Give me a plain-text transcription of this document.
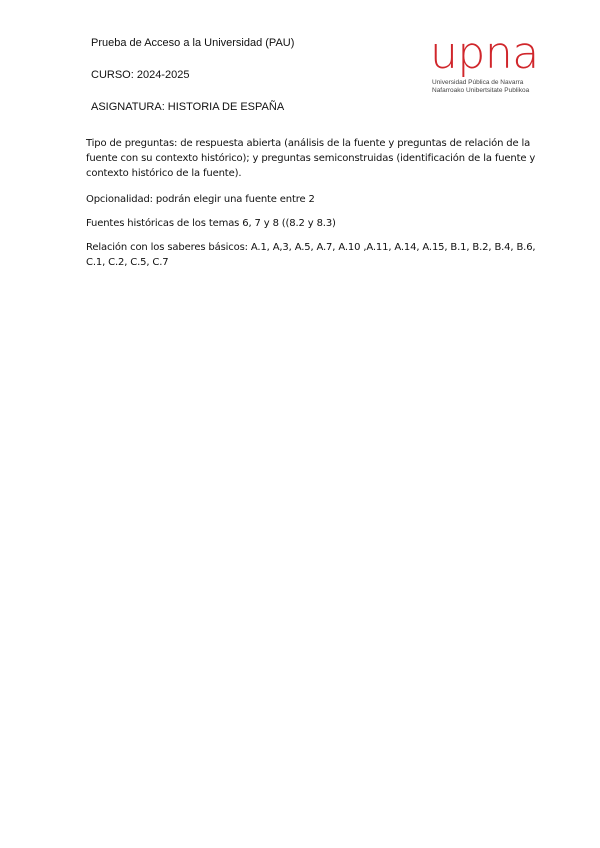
Prueba de Acceso a la Universidad (PAU)
CURSO: 2024-2025
ASIGNATURA: HISTORIA DE ESPAÑA
upna
Universidad Pública de Navarra
Nafarroako Unibertsitate Publikoa
Tipo de preguntas: de respuesta abierta (análisis de la fuente y preguntas de relación de la fuente con su contexto histórico); y preguntas semiconstruidas (identificación de la fuente y contexto histórico de la fuente).
Opcionalidad: podrán elegir una fuente entre 2
Fuentes históricas de los temas 6, 7 y 8 ((8.2 y 8.3)
Relación con los saberes básicos: A.1, A,3, A.5, A.7, A.10 ,A.11, A.14, A.15, B.1, B.2, B.4, B.6, C.1, C.2, C.5, C.7
